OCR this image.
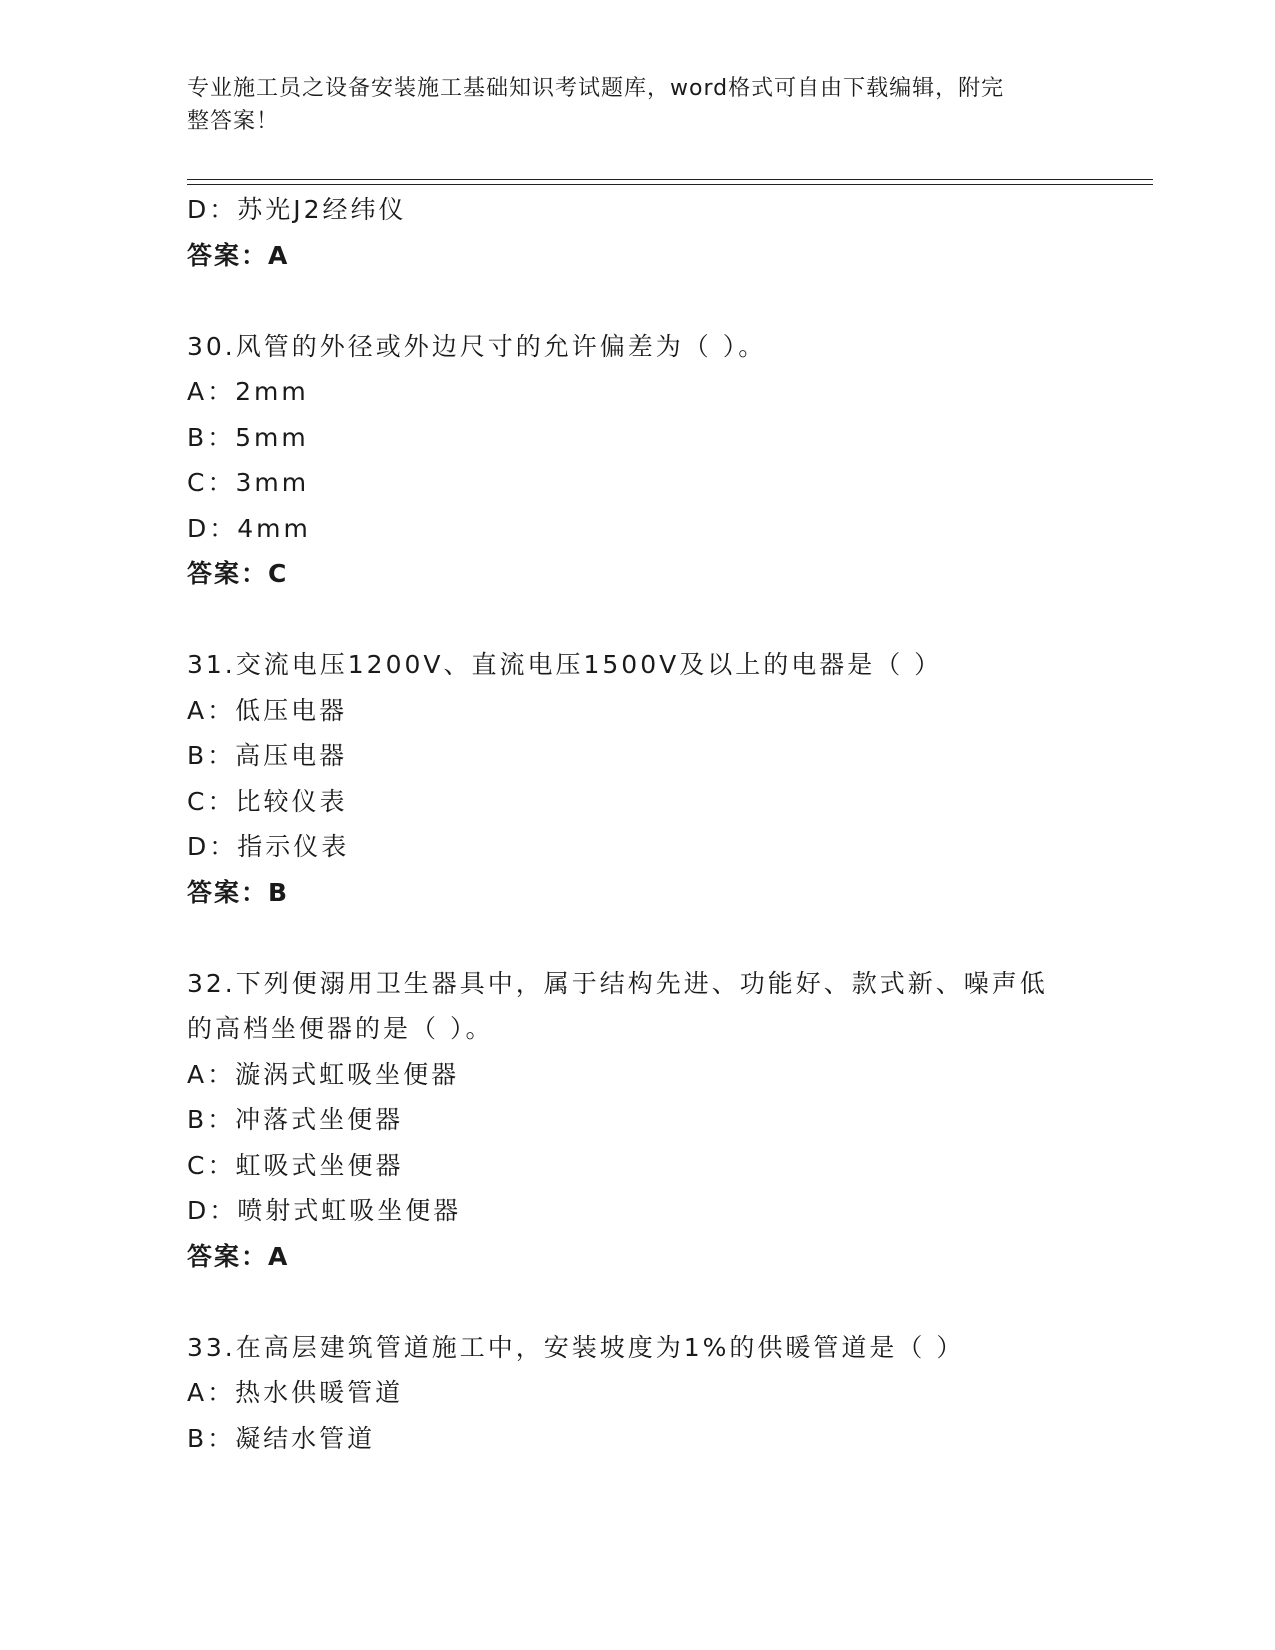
专业施工员之设备安装施工基础知识考试题库，word格式可自由下载编辑，附完
整答案！
D：苏光J2经纬仪
答案：A
30.风管的外径或外边尺寸的允许偏差为（ ）。
A：2mm
B：5mm
C：3mm
D：4mm
答案：C
31.交流电压1200V、直流电压1500V及以上的电器是（ ）
A：低压电器
B：高压电器
C：比较仪表
D：指示仪表
答案：B
32.下列便溺用卫生器具中，属于结构先进、功能好、款式新、噪声低
的高档坐便器的是（ ）。
A：漩涡式虹吸坐便器
B：冲落式坐便器
C：虹吸式坐便器
D：喷射式虹吸坐便器
答案：A
33.在高层建筑管道施工中，安装坡度为1%的供暖管道是（ ）
A：热水供暖管道
B：凝结水管道
